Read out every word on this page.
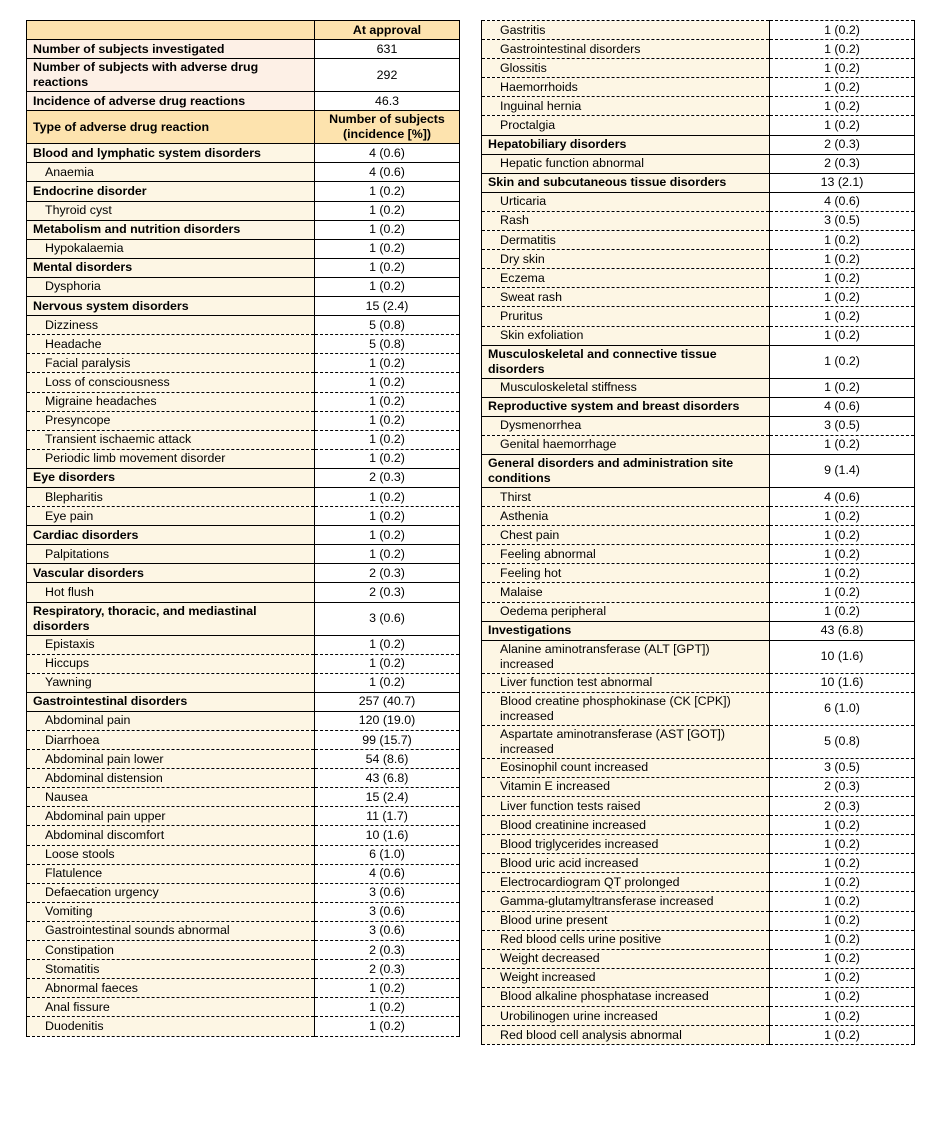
	At approval
Number of subjects investigated	631
Number of subjects with adverse drug reactions	292
Incidence of adverse drug reactions	46.3
Type of adverse drug reaction	Number of subjects (incidence [%])
Blood and lymphatic system disorders	4 (0.6)
Anaemia	4 (0.6)
Endocrine disorder	1 (0.2)
Thyroid cyst	1 (0.2)
Metabolism and nutrition disorders	1 (0.2)
Hypokalaemia	1 (0.2)
Mental disorders	1 (0.2)
Dysphoria	1 (0.2)
Nervous system disorders	15 (2.4)
Dizziness	5 (0.8)
Headache	5 (0.8)
Facial paralysis	1 (0.2)
Loss of consciousness	1 (0.2)
Migraine headaches	1 (0.2)
Presyncope	1 (0.2)
Transient ischaemic attack	1 (0.2)
Periodic limb movement disorder	1 (0.2)
Eye disorders	2 (0.3)
Blepharitis	1 (0.2)
Eye pain	1 (0.2)
Cardiac disorders	1 (0.2)
Palpitations	1 (0.2)
Vascular disorders	2 (0.3)
Hot flush	2 (0.3)
Respiratory, thoracic, and mediastinal disorders	3 (0.6)
Epistaxis	1 (0.2)
Hiccups	1 (0.2)
Yawning	1 (0.2)
Gastrointestinal disorders	257 (40.7)
Abdominal pain	120 (19.0)
Diarrhoea	99 (15.7)
Abdominal pain lower	54 (8.6)
Abdominal distension	43 (6.8)
Nausea	15 (2.4)
Abdominal pain upper	11 (1.7)
Abdominal discomfort	10 (1.6)
Loose stools	6 (1.0)
Flatulence	4 (0.6)
Defaecation urgency	3 (0.6)
Vomiting	3 (0.6)
Gastrointestinal sounds abnormal	3 (0.6)
Constipation	2 (0.3)
Stomatitis	2 (0.3)
Abnormal faeces	1 (0.2)
Anal fissure	1 (0.2)
Duodenitis	1 (0.2)
Gastritis	1 (0.2)
Gastrointestinal disorders	1 (0.2)
Glossitis	1 (0.2)
Haemorrhoids	1 (0.2)
Inguinal hernia	1 (0.2)
Proctalgia	1 (0.2)
Hepatobiliary disorders	2 (0.3)
Hepatic function abnormal	2 (0.3)
Skin and subcutaneous tissue disorders	13 (2.1)
Urticaria	4 (0.6)
Rash	3 (0.5)
Dermatitis	1 (0.2)
Dry skin	1 (0.2)
Eczema	1 (0.2)
Sweat rash	1 (0.2)
Pruritus	1 (0.2)
Skin exfoliation	1 (0.2)
Musculoskeletal and connective tissue disorders	1 (0.2)
Musculoskeletal stiffness	1 (0.2)
Reproductive system and breast disorders	4 (0.6)
Dysmenorrhea	3 (0.5)
Genital haemorrhage	1 (0.2)
General disorders and administration site conditions	9 (1.4)
Thirst	4 (0.6)
Asthenia	1 (0.2)
Chest pain	1 (0.2)
Feeling abnormal	1 (0.2)
Feeling hot	1 (0.2)
Malaise	1 (0.2)
Oedema peripheral	1 (0.2)
Investigations	43 (6.8)
Alanine aminotransferase (ALT [GPT]) increased	10 (1.6)
Liver function test abnormal	10 (1.6)
Blood creatine phosphokinase (CK [CPK]) increased	6 (1.0)
Aspartate aminotransferase (AST [GOT]) increased	5 (0.8)
Eosinophil count increased	3 (0.5)
Vitamin E increased	2 (0.3)
Liver function tests raised	2 (0.3)
Blood creatinine increased	1 (0.2)
Blood triglycerides increased	1 (0.2)
Blood uric acid increased	1 (0.2)
Electrocardiogram QT prolonged	1 (0.2)
Gamma-glutamyltransferase increased	1 (0.2)
Blood urine present	1 (0.2)
Red blood cells urine positive	1 (0.2)
Weight decreased	1 (0.2)
Weight increased	1 (0.2)
Blood alkaline phosphatase increased	1 (0.2)
Urobilinogen urine increased	1 (0.2)
Red blood cell analysis abnormal	1 (0.2)
